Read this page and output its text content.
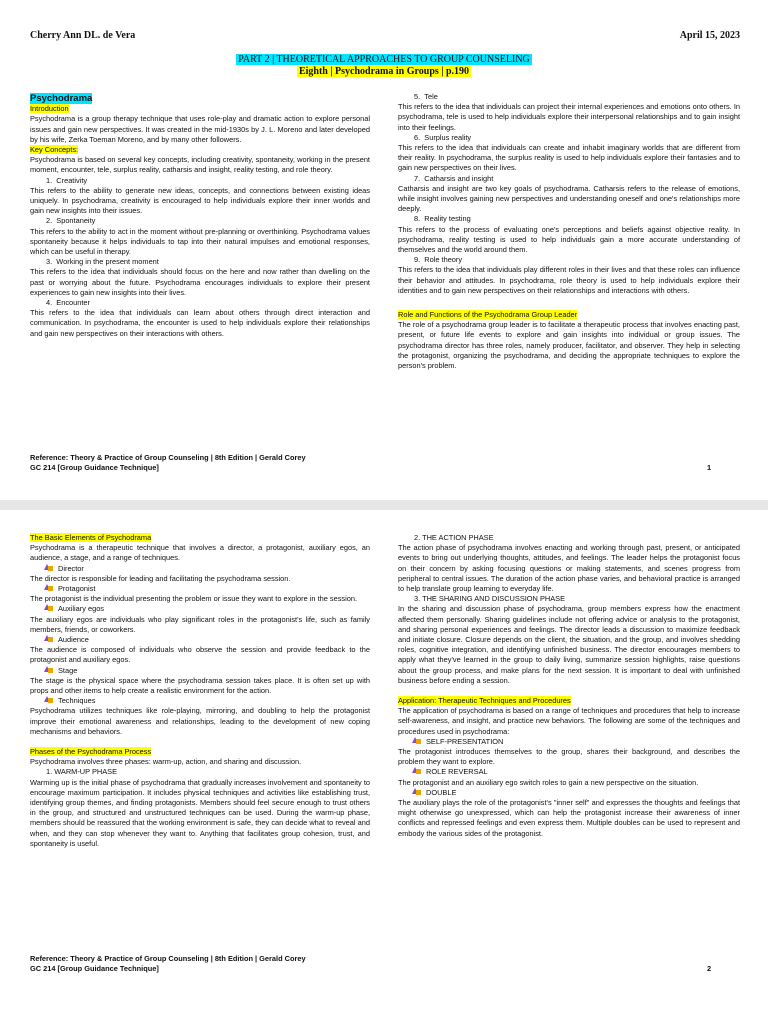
Cherry Ann DL. de Vera	April 15, 2023
PART 2 | THEORETICAL APPROACHES TO GROUP COUNSELING
Eighth | Psychodrama in Groups | p.190

Psychodrama

Introduction

Psychodrama is a group therapy technique that uses role-play and dramatic action to explore personal issues and gain new perspectives. It was created in the mid-1930s by J. L. Moreno and later developed by his wife, Zerka Toeman Moreno, and by many other followers.

Key Concepts:

Psychodrama is based on several key concepts, including creativity, spontaneity, working in the present moment, encounter, tele, surplus reality, catharsis and insight, reality testing, and role theory.

1. Creativity

This refers to the ability to generate new ideas, concepts, and connections between existing ideas uniquely. In psychodrama, creativity is encouraged to help individuals explore their inner worlds and gain new insights into their issues.

2. Spontaneity

This refers to the ability to act in the moment without pre-planning or overthinking. Psychodrama values spontaneity because it helps individuals to tap into their natural impulses and emotional responses, which can be useful in therapy.

3. Working in the present moment

This refers to the idea that individuals should focus on the here and now rather than dwelling on the past or worrying about the future. Psychodrama encourages individuals to explore their present experiences to gain new insights into their lives.

4. Encounter

This refers to the idea that individuals can learn about others through direct interaction and communication. In psychodrama, the encounter is used to help individuals explore their relationships and gain new perspectives on their interactions with others.

5. Tele

This refers to the idea that individuals can project their internal experiences and emotions onto others. In psychodrama, tele is used to help individuals explore their interpersonal relationships and to gain insight into their feelings.

6. Surplus reality

This refers to the idea that individuals can create and inhabit imaginary worlds that are different from their reality. In psychodrama, the surplus reality is used to help individuals explore their fantasies and to gain new perspectives on their lives.

7. Catharsis and insight

Catharsis and insight are two key goals of psychodrama. Catharsis refers to the release of emotions, while insight involves gaining new perspectives and understanding oneself and one's relationships more deeply.

8. Reality testing

This refers to the process of evaluating one's perceptions and beliefs against objective reality. In psychodrama, reality testing is used to help individuals gain a more accurate understanding of themselves and the world around them.

9. Role theory

This refers to the idea that individuals play different roles in their lives and that these roles can influence their behavior and attitudes. In psychodrama, role theory is used to help individuals explore their identities and to gain new perspectives on their relationships and interactions with others.

Role and Functions of the Psychodrama Group Leader

The role of a psychodrama group leader is to facilitate a therapeutic process that involves enacting past, present, or future life events to explore and gain insights into individual or group issues. The psychodrama director has three roles, namely producer, facilitator, and observer. They help in selecting the protagonist, organizing the psychodrama, and deciding the appropriate techniques to explore the person's problem.

Reference: Theory & Practice of Group Counseling | 8th Edition | Gerald Corey
GC 214 [Group Guidance Technique]	1

The Basic Elements of Psychodrama

Psychodrama is a therapeutic technique that involves a director, a protagonist, auxiliary egos, an audience, a stage, and a range of techniques.

Director

The director is responsible for leading and facilitating the psychodrama session.

Protagonist

The protagonist is the individual presenting the problem or issue they want to explore in the session.

Auxiliary egos

The auxiliary egos are individuals who play significant roles in the protagonist's life, such as family members, friends, or coworkers.

Audience

The audience is composed of individuals who observe the session and provide feedback to the protagonist and auxiliary egos.

Stage

The stage is the physical space where the psychodrama session takes place. It is often set up with props and other items to help create a realistic environment for the action.

Techniques

Psychodrama utilizes techniques like role-playing, mirroring, and doubling to help the protagonist improve their emotional awareness and relationships, leading to the development of new coping mechanisms and behaviors.

Phases of the Psychodrama Process

Psychodrama involves three phases: warm-up, action, and sharing and discussion.

1. WARM-UP PHASE

Warming up is the initial phase of psychodrama that gradually increases involvement and spontaneity to encourage maximum participation. It includes physical techniques and activities like establishing trust, identifying group themes, and finding protagonists. Members should feel secure enough to trust others in the group, and structured and unstructured techniques can be used. During the warm-up phase, members should be reassured that the working environment is safe, they can decide what to reveal and when, and they can stop whenever they want to. Anything that facilitates group cohesion, trust, and spontaneity is useful.

2. THE ACTION PHASE

The action phase of psychodrama involves enacting and working through past, present, or anticipated events to bring out underlying thoughts, attitudes, and feelings. The leader helps the protagonist focus on their concern by asking focusing questions or making statements, and scenes progress from peripheral to central issues. The duration of the action phase varies, and behavioral practice is arranged to help translate group learning to everyday life.

3. THE SHARING AND DISCUSSION PHASE

In the sharing and discussion phase of psychodrama, group members express how the enactment affected them personally. Sharing guidelines include not offering advice or analysis to the protagonist, and sharing personal experiences and feelings. The director leads a discussion to maximize feedback and initiate closure. Closure depends on the client, the situation, and the group, and involves shedding roles, cognitive integration, and identifying unfinished business. The director encourages members to apply what they've learned in the group to daily living, summarize session highlights, raise questions about the group process, and make plans for the next session. It is important to deal with unfinished business before ending a session.

Application: Therapeutic Techniques and Procedures

The application of psychodrama is based on a range of techniques and procedures that help to increase self-awareness, and insight, and practice new behaviors. The following are some of the techniques and procedures used in psychodrama:

SELF-PRESENTATION

The protagonist introduces themselves to the group, shares their background, and describes the problem they want to explore.

ROLE REVERSAL

The protagonist and an auxiliary ego switch roles to gain a new perspective on the situation.

DOUBLE

The auxiliary plays the role of the protagonist's "inner self" and expresses the thoughts and feelings that might otherwise go unexpressed, which can help the protagonist increase their awareness of inner conflicts and repressed feelings and even express them. Multiple doubles can be used to represent and embody the various sides of the protagonist.

Reference: Theory & Practice of Group Counseling | 8th Edition | Gerald Corey
GC 214 [Group Guidance Technique]	2
